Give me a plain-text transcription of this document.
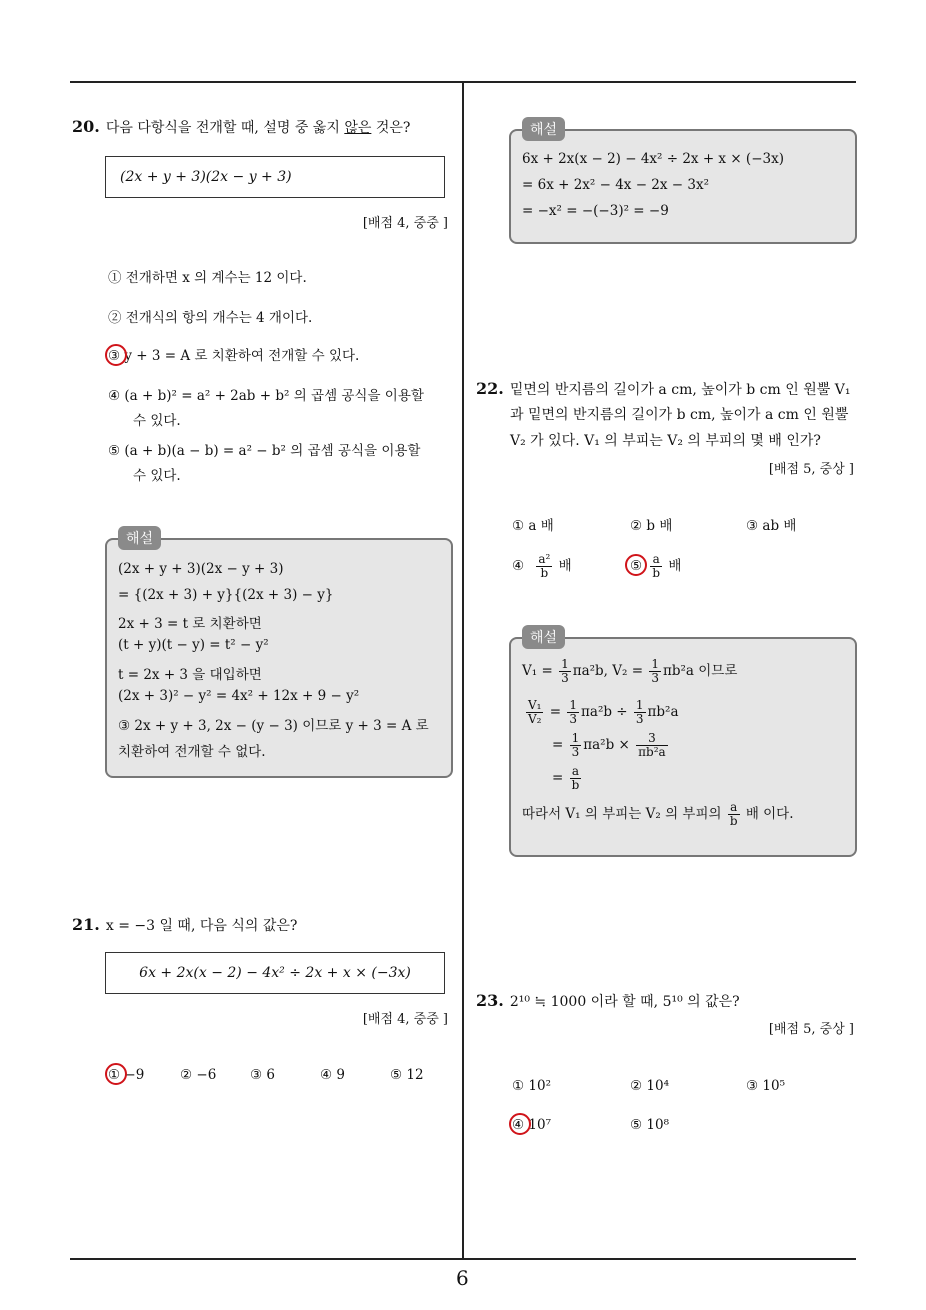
20. 다음 다항식을 전개할 때, 설명 중 옳지 않은 것은?
(2x + y + 3)(2x − y + 3)
[배점 4, 중중 ]
① 전개하면 x 의 계수는 12 이다.
② 전개식의 항의 개수는 4 개이다.
③ y + 3 = A 로 치환하여 전개할 수 있다.
④ (a + b)² = a² + 2ab + b² 의 곱셈 공식을 이용할
수 있다.
⑤ (a + b)(a − b) = a² − b² 의 곱셈 공식을 이용할
수 있다.
해설
(2x + y + 3)(2x − y + 3)
= {(2x + 3) + y}{(2x + 3) − y}
2x + 3 = t 로 치환하면
(t + y)(t − y) = t² − y²
t = 2x + 3 을 대입하면
(2x + 3)² − y² = 4x² + 12x + 9 − y²
③ 2x + y + 3, 2x − (y − 3) 이므로 y + 3 = A 로
치환하여 전개할 수 없다.
21. x = −3 일 때, 다음 식의 값은?
6x + 2x(x − 2) − 4x² ÷ 2x + x × (−3x)
[배점 4, 중중 ]
① −9	② −6 ③ 6	④ 9	⑤ 12
해설
6x + 2x(x − 2) − 4x² ÷ 2x + x × (−3x)
= 6x + 2x² − 4x − 2x − 3x²
= −x² = −(−3)² = −9
22. 밑면의 반지름의 길이가 a cm, 높이가 b cm 인 원뿔 V₁
과 밑면의 반지름의 길이가 b cm, 높이가 a cm 인 원뿔
V₂ 가 있다. V₁ 의 부피는 V₂ 의 부피의 몇 배 인가?
[배점 5, 중상 ]
① a 배	② b 배	③ ab 배
④ $\frac{\text{a²}}{b}$ 배	⑤ $\frac{a}{b}$ 배
해설
$V_1 = \frac{1}{3} \pi a^2b$, $V_2 = \frac{1}{3} \pi b^2a$ 이므로
$\frac{\text{V₁}}{\text{V₂}} = \frac{1}{3} \pi a^2b \div \frac{1}{3} \pi b^2a$
= $\frac{1}{3} \pi a^2b \times \frac{3}{\text{πb²a}}$
= $\frac{a}{b}$
따라서 V₁ 의 부피는 V₂ 의 부피의 $\frac{a}{b}$ 배 이다.
23. 2¹⁰ ≒ 1000 이라 할 때, 5¹⁰ 의 값은?
[배점 5, 중상 ]
① 10²	② 10⁴	③ 10⁵
④ 10⁷	⑤ 10⁸
6
